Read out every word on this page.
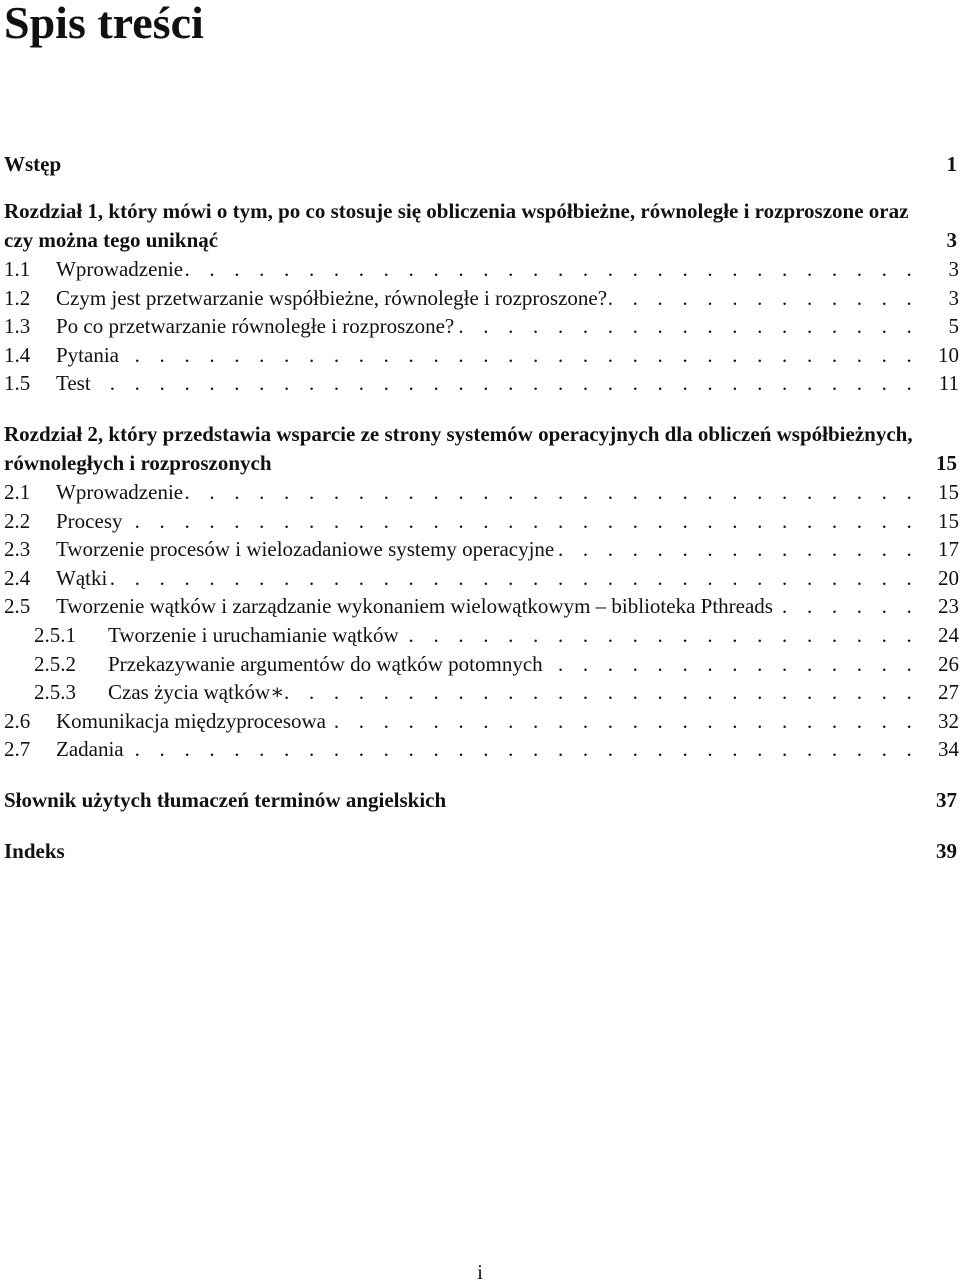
Spis treści
Wstęp	1
Rozdział 1, który mówi o tym, po co stosuje się obliczenia współbieżne, równoległe i rozproszone oraz czy można tego uniknąć	3
1.1	Wprowadzenie . . .	3
1.2	Czym jest przetwarzanie współbieżne, równoległe i rozproszone? . . .	3
1.3	Po co przetwarzanie równoległe i rozproszone? . . .	5
1.4	Pytania . . .	10
1.5	Test . . .	11
Rozdział 2, który przedstawia wsparcie ze strony systemów operacyjnych dla obliczeń współbieżnych, równoległych i rozproszonych	15
2.1	Wprowadzenie . . .	15
2.2	Procesy . . .	15
2.3	Tworzenie procesów i wielozadaniowe systemy operacyjne . . .	17
2.4	Wątki . . .	20
2.5	Tworzenie wątków i zarządzanie wykonaniem wielowątkowym – biblioteka Pthreads . . .	23
2.5.1	Tworzenie i uruchamianie wątków . . .	24
2.5.2	Przekazywanie argumentów do wątków potomnych . . .	26
2.5.3	Czas życia wątków∗ . . .	27
2.6	Komunikacja międzyprocesowa . . .	32
2.7	Zadania . . .	34
Słownik użytych tłumaczeń terminów angielskich	37
Indeks	39
i
